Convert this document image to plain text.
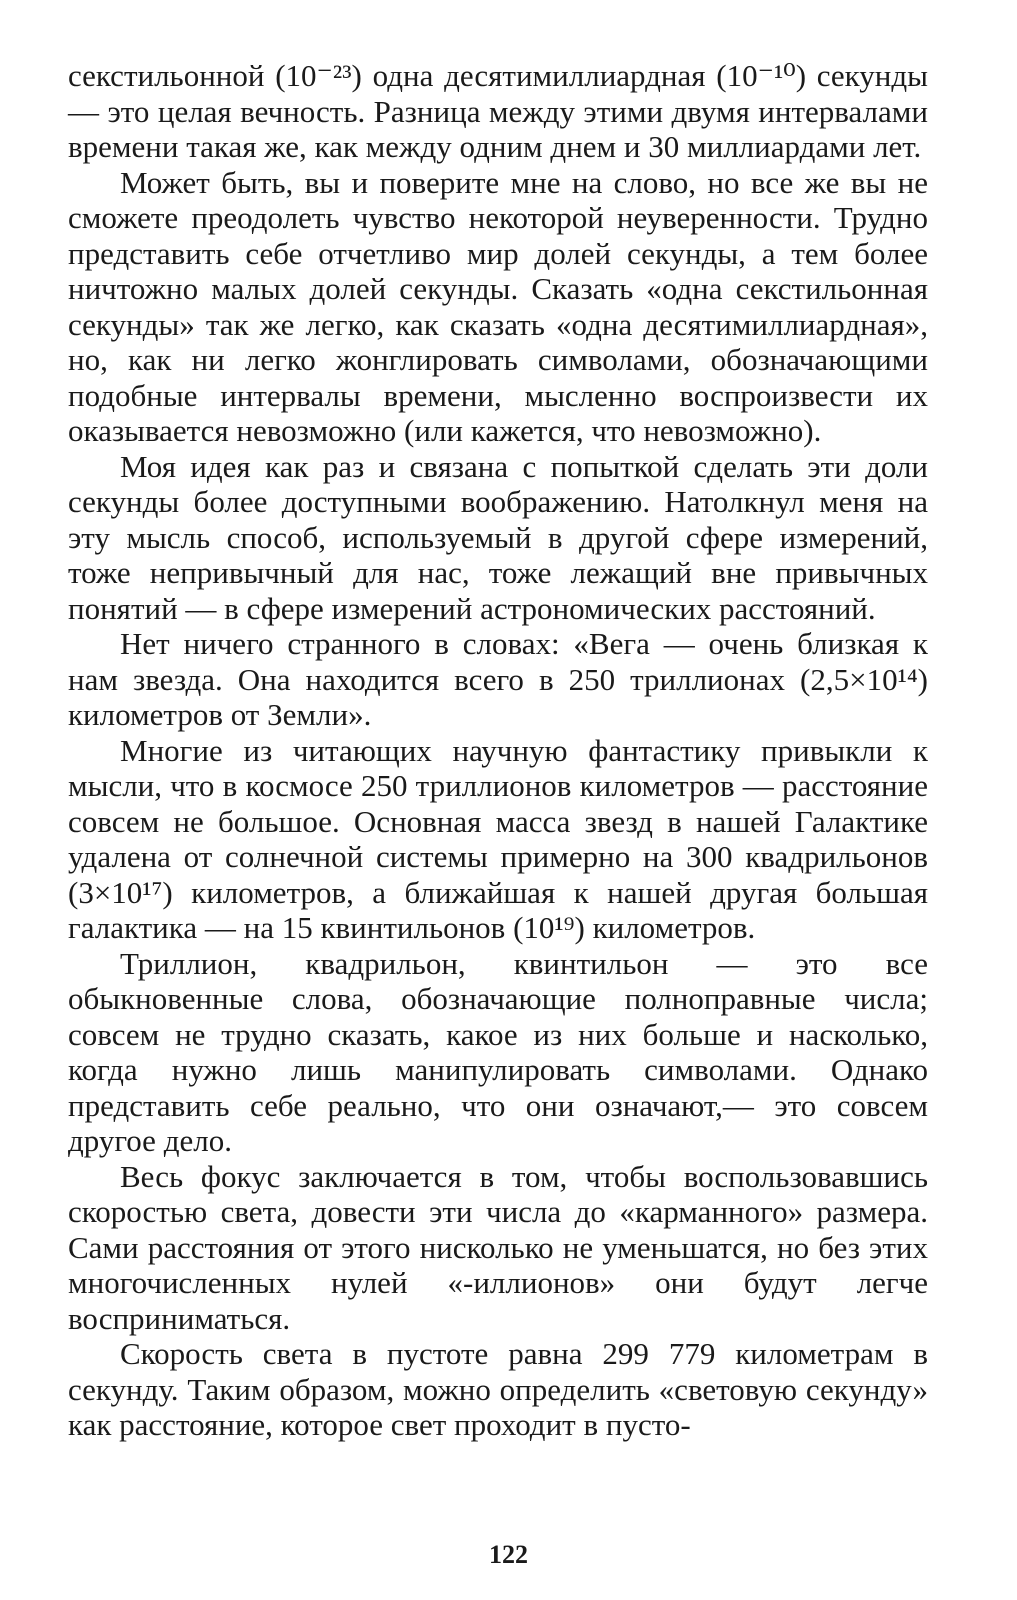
секстильонной (10⁻²³) одна десятимиллиардная (10⁻¹⁰) секунды — это целая вечность. Разница между этими двумя интервалами времени такая же, как между одним днем и 30 миллиардами лет.

Может быть, вы и поверите мне на слово, но все же вы не сможете преодолеть чувство некоторой неуверенности. Трудно представить себе отчетливо мир долей секунды, а тем более ничтожно малых долей секунды. Сказать «одна секстильонная секунды» так же легко, как сказать «одна десятимиллиардная», но, как ни легко жонглировать символами, обозначающими подобные интервалы времени, мысленно воспроизвести их оказывается невозможно (или кажется, что невозможно).

Моя идея как раз и связана с попыткой сделать эти доли секунды более доступными воображению. Натолкнул меня на эту мысль способ, используемый в другой сфере измерений, тоже непривычный для нас, тоже лежащий вне привычных понятий — в сфере измерений астрономических расстояний.

Нет ничего странного в словах: «Вега — очень близкая к нам звезда. Она находится всего в 250 триллионах (2,5×10¹⁴) километров от Земли».

Многие из читающих научную фантастику привыкли к мысли, что в космосе 250 триллионов километров — расстояние совсем не большое. Основная масса звезд в нашей Галактике удалена от солнечной системы примерно на 300 квадрильонов (3×10¹⁷) километров, а ближайшая к нашей другая большая галактика — на 15 квинтильонов (10¹⁹) километров.

Триллион, квадрильон, квинтильон — это все обыкновенные слова, обозначающие полноправные числа; совсем не трудно сказать, какое из них больше и насколько, когда нужно лишь манипулировать символами. Однако представить себе реально, что они означают,— это совсем другое дело.

Весь фокус заключается в том, чтобы воспользовавшись скоростью света, довести эти числа до «карманного» размера. Сами расстояния от этого нисколько не уменьшатся, но без этих многочисленных нулей «-иллионов» они будут легче восприниматься.

Скорость света в пустоте равна 299 779 километрам в секунду. Таким образом, можно определить «световую секунду» как расстояние, которое свет проходит в пусто-

122
